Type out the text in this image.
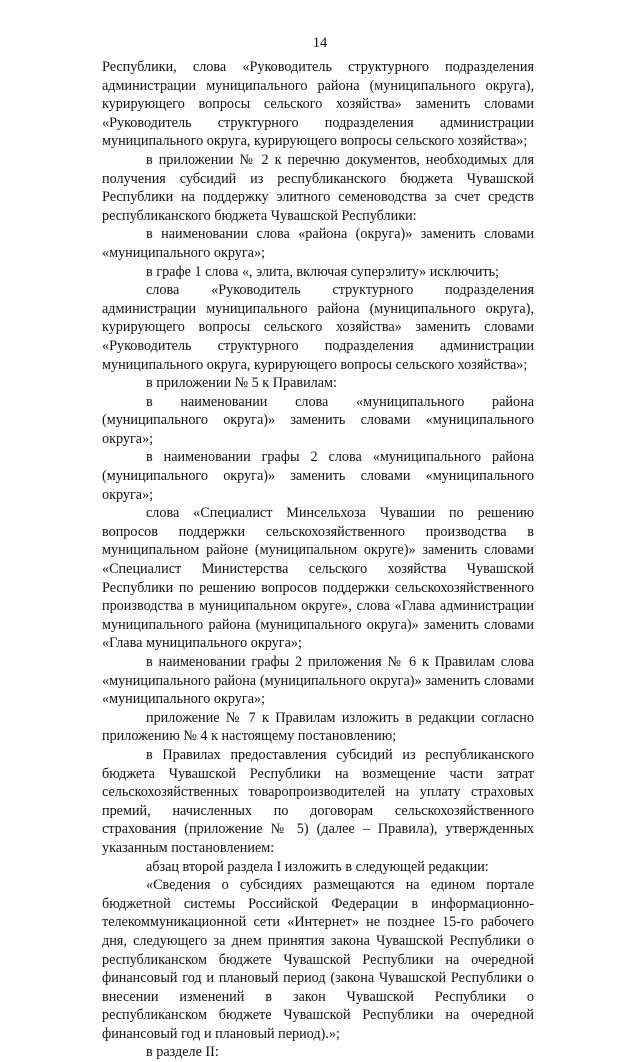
14

Республики, слова «Руководитель структурного подразделения администрации муниципального района (муниципального округа), курирующего вопросы сельского хозяйства» заменить словами «Руководитель структурного подразделения администрации муниципального округа, курирующего вопросы сельского хозяйства»;

в приложении № 2 к перечню документов, необходимых для получения субсидий из республиканского бюджета Чувашской Республики на поддержку элитного семеноводства за счет средств республиканского бюджета Чувашской Республики:

в наименовании слова «района (округа)» заменить словами «муниципального округа»;

в графе 1 слова «, элита, включая суперэлиту» исключить;

слова «Руководитель структурного подразделения администрации муниципального района (муниципального округа), курирующего вопросы сельского хозяйства» заменить словами «Руководитель структурного подразделения администрации муниципального округа, курирующего вопросы сельского хозяйства»;

в приложении № 5 к Правилам:

в наименовании слова «муниципального района (муниципального округа)» заменить словами «муниципального округа»;

в наименовании графы 2 слова «муниципального района (муниципального округа)» заменить словами «муниципального округа»;

слова «Специалист Минсельхоза Чувашии по решению вопросов поддержки сельскохозяйственного производства в муниципальном районе (муниципальном округе)» заменить словами «Специалист Министерства сельского хозяйства Чувашской Республики по решению вопросов поддержки сельскохозяйственного производства в муниципальном округе», слова «Глава администрации муниципального района (муниципального округа)» заменить словами «Глава муниципального округа»;

в наименовании графы 2 приложения № 6 к Правилам слова «муниципального района (муниципального округа)» заменить словами «муниципального округа»;

приложение № 7 к Правилам изложить в редакции согласно приложению № 4 к настоящему постановлению;

в Правилах предоставления субсидий из республиканского бюджета Чувашской Республики на возмещение части затрат сельскохозяйственных товаропроизводителей на уплату страховых премий, начисленных по договорам сельскохозяйственного страхования (приложение № 5) (далее – Правила), утвержденных указанным постановлением:

абзац второй раздела I изложить в следующей редакции:

«Сведения о субсидиях размещаются на едином портале бюджетной системы Российской Федерации в информационно-телекоммуникационной сети «Интернет» не позднее 15-го рабочего дня, следующего за днем принятия закона Чувашской Республики о республиканском бюджете Чувашской Республики на очередной финансовый год и плановый период (закона Чувашской Республики о внесении изменений в закон Чувашской Республики о республиканском бюджете Чувашской Республики на очередной финансовый год и плановый период).»;

в разделе II:
